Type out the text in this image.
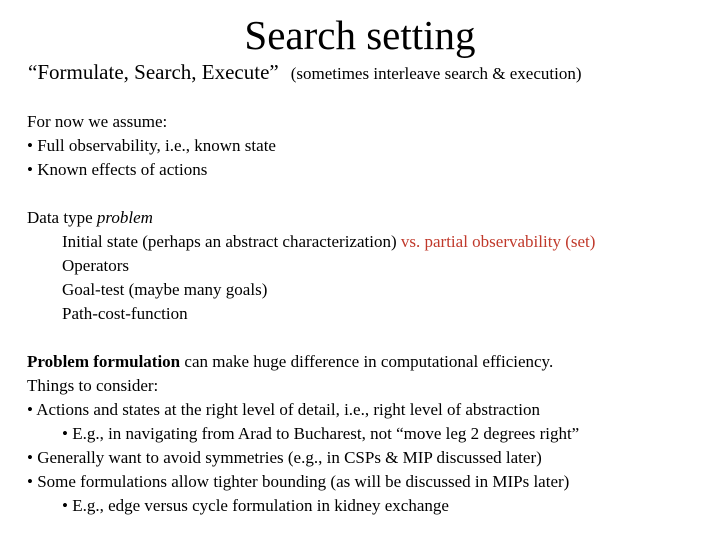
Search setting
“Formulate, Search, Execute” (sometimes interleave search & execution)
For now we assume:
• Full observability, i.e., known state
• Known effects of actions
Data type problem
Initial state (perhaps an abstract characterization) vs. partial observability (set)
Operators
Goal-test (maybe many goals)
Path-cost-function
Problem formulation can make huge difference in computational efficiency.
Things to consider:
• Actions and states at the right level of detail, i.e., right level of abstraction
• E.g., in navigating from Arad to Bucharest, not “move leg 2 degrees right”
• Generally want to avoid symmetries (e.g., in CSPs & MIP discussed later)
• Some formulations allow tighter bounding (as will be discussed in MIPs later)
• E.g., edge versus cycle formulation in kidney exchange
